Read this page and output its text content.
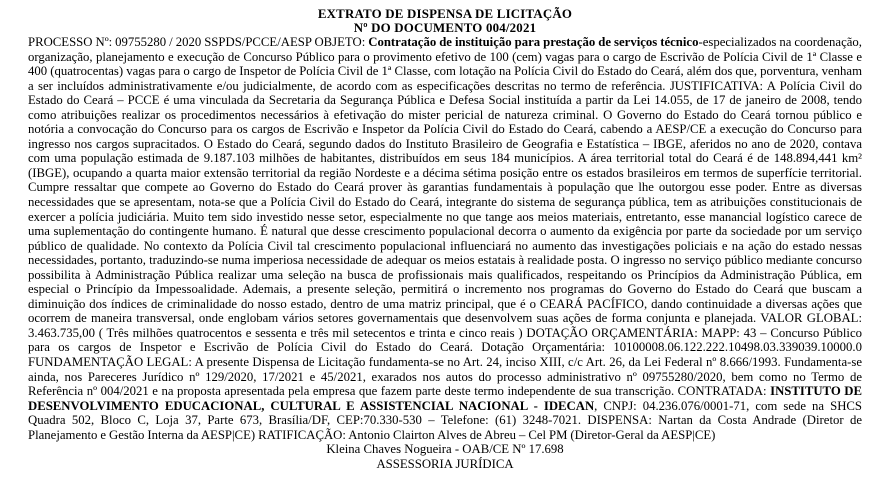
EXTRATO DE DISPENSA DE LICITAÇÃO
Nº DO DOCUMENTO 004/2021

PROCESSO Nº: 09755280 / 2020 SSPDS/PCCE/AESP OBJETO: Contratação de instituição para prestação de serviços técnico-especializados na coordenação, organização, planejamento e execução de Concurso Público para o provimento efetivo de 100 (cem) vagas para o cargo de Escrivão de Polícia Civil de 1ª Classe e 400 (quatrocentas) vagas para o cargo de Inspetor de Polícia Civil de 1ª Classe, com lotação na Polícia Civil do Estado do Ceará, além dos que, porventura, venham a ser incluídos administrativamente e/ou judicialmente, de acordo com as especificações descritas no termo de referência. JUSTIFICATIVA: A Polícia Civil do Estado do Ceará – PCCE é uma vinculada da Secretaria da Segurança Pública e Defesa Social instituída a partir da Lei 14.055, de 17 de janeiro de 2008, tendo como atribuições realizar os procedimentos necessários à efetivação do mister pericial de natureza criminal. O Governo do Estado do Ceará tornou público e notória a convocação do Concurso para os cargos de Escrivão e Inspetor da Polícia Civil do Estado do Ceará, cabendo a AESP/CE a execução do Concurso para ingresso nos cargos supracitados. O Estado do Ceará, segundo dados do Instituto Brasileiro de Geografia e Estatística – IBGE, aferidos no ano de 2020, contava com uma população estimada de 9.187.103 milhões de habitantes, distribuídos em seus 184 municípios. A área territorial total do Ceará é de 148.894,441 km² (IBGE), ocupando a quarta maior extensão territorial da região Nordeste e a décima sétima posição entre os estados brasileiros em termos de superfície territorial. Cumpre ressaltar que compete ao Governo do Estado do Ceará prover às garantias fundamentais à população que lhe outorgou esse poder. Entre as diversas necessidades que se apresentam, nota-se que a Polícia Civil do Estado do Ceará, integrante do sistema de segurança pública, tem as atribuições constitucionais de exercer a polícia judiciária. Muito tem sido investido nesse setor, especialmente no que tange aos meios materiais, entretanto, esse manancial logístico carece de uma suplementação do contingente humano. É natural que desse crescimento populacional decorra o aumento da exigência por parte da sociedade por um serviço público de qualidade. No contexto da Polícia Civil tal crescimento populacional influenciará no aumento das investigações policiais e na ação do estado nessas necessidades, portanto, traduzindo-se numa imperiosa necessidade de adequar os meios estatais à realidade posta. O ingresso no serviço público mediante concurso possibilita à Administração Pública realizar uma seleção na busca de profissionais mais qualificados, respeitando os Princípios da Administração Pública, em especial o Princípio da Impessoalidade. Ademais, a presente seleção, permitirá o incremento nos programas do Governo do Estado do Ceará que buscam a diminuição dos índices de criminalidade do nosso estado, dentro de uma matriz principal, que é o CEARÁ PACÍFICO, dando continuidade a diversas ações que ocorrem de maneira transversal, onde englobam vários setores governamentais que desenvolvem suas ações de forma conjunta e planejada. VALOR GLOBAL: 3.463.735,00 ( Três milhões quatrocentos e sessenta e três mil setecentos e trinta e cinco reais ) DOTAÇÃO ORÇAMENTÁRIA: MAPP: 43 – Concurso Público para os cargos de Inspetor e Escrivão de Polícia Civil do Estado do Ceará. Dotação Orçamentária: 10100008.06.122.222.10498.03.339039.10000.0 FUNDAMENTAÇÃO LEGAL: A presente Dispensa de Licitação fundamenta-se no Art. 24, inciso XIII, c/c Art. 26, da Lei Federal nº 8.666/1993. Fundamenta-se ainda, nos Pareceres Jurídico nº 129/2020, 17/2021 e 45/2021, exarados nos autos do processo administrativo nº 09755280/2020, bem como no Termo de Referência nº 004/2021 e na proposta apresentada pela empresa que fazem parte deste termo independente de sua transcrição. CONTRATADA: INSTITUTO DE DESENVOLVIMENTO EDUCACIONAL, CULTURAL E ASSISTENCIAL NACIONAL - IDECAN, CNPJ: 04.236.076/0001-71, com sede na SHCS Quadra 502, Bloco C, Loja 37, Parte 673, Brasília/DF, CEP:70.330-530 – Telefone: (61) 3248-7021. DISPENSA: Nartan da Costa Andrade (Diretor de Planejamento e Gestão Interna da AESP|CE) RATIFICAÇÃO: Antonio Clairton Alves de Abreu – Cel PM (Diretor-Geral da AESP|CE)

Kleina Chaves Nogueira - OAB/CE Nº 17.698

ASSESSORIA JURÍDICA
